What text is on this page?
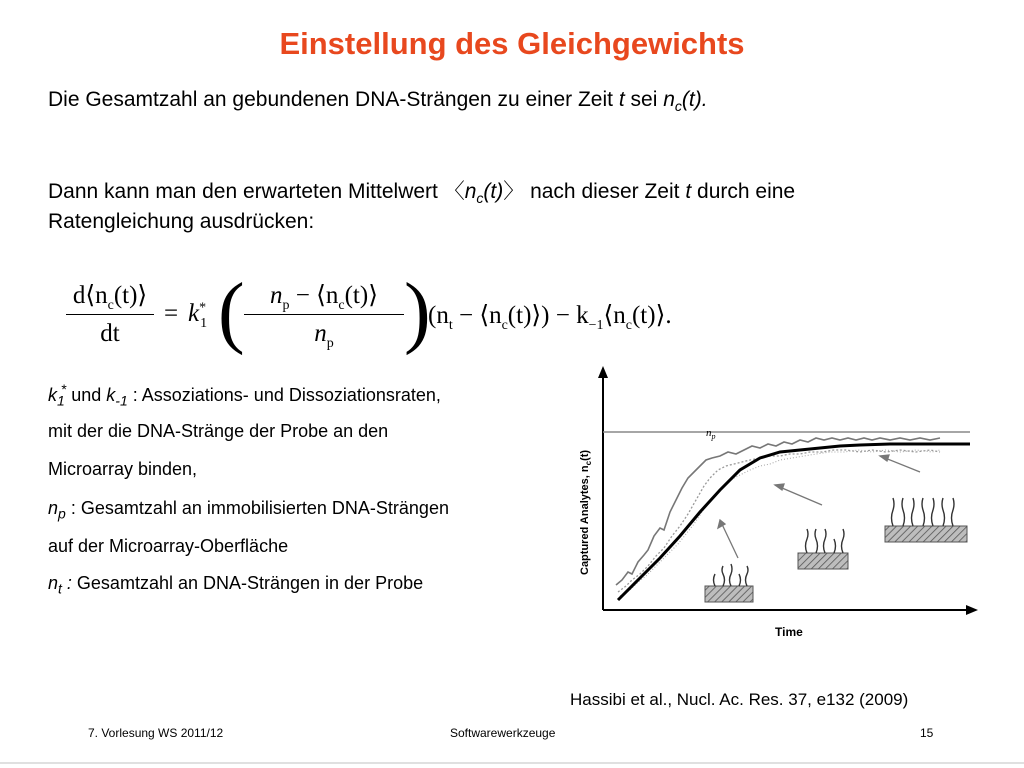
Einstellung des Gleichgewichts
Die Gesamtzahl an gebundenen DNA-Strängen zu einer Zeit t sei $n_c(t)$.
Dann kann man den erwarteten Mittelwert 〈$n_c(t)$〉 nach dieser Zeit t durch eine
Ratengleichung ausdrücken:
$d⟨n_c(t)⟩$
dt
= $k^*_1$ (	$n_p$ − $⟨n_c(t)⟩$
$n_p$ )
($n_t$ − $⟨n_c(t)⟩$) − $k_{-1}⟨n_c(t)⟩$.
$k_1^*$ und $k_{-1}$ : Assoziations- und Dissoziationsraten,
mit der die DNA-Stränge der Probe an den
Microarray binden,
$n_p$ : Gesamtzahl an immobilisierten DNA-Strängen
auf der Microarray-Oberfläche
$n_t$ : Gesamtzahl an DNA-Strängen in der Probe
Captured Analytes, $n_c(t)$
Time
$n_p$
Hassibi et al., Nucl. Ac. Res. 37, e132 (2009)
7. Vorlesung WS 2011/12	Softwarewerkzeuge	15
